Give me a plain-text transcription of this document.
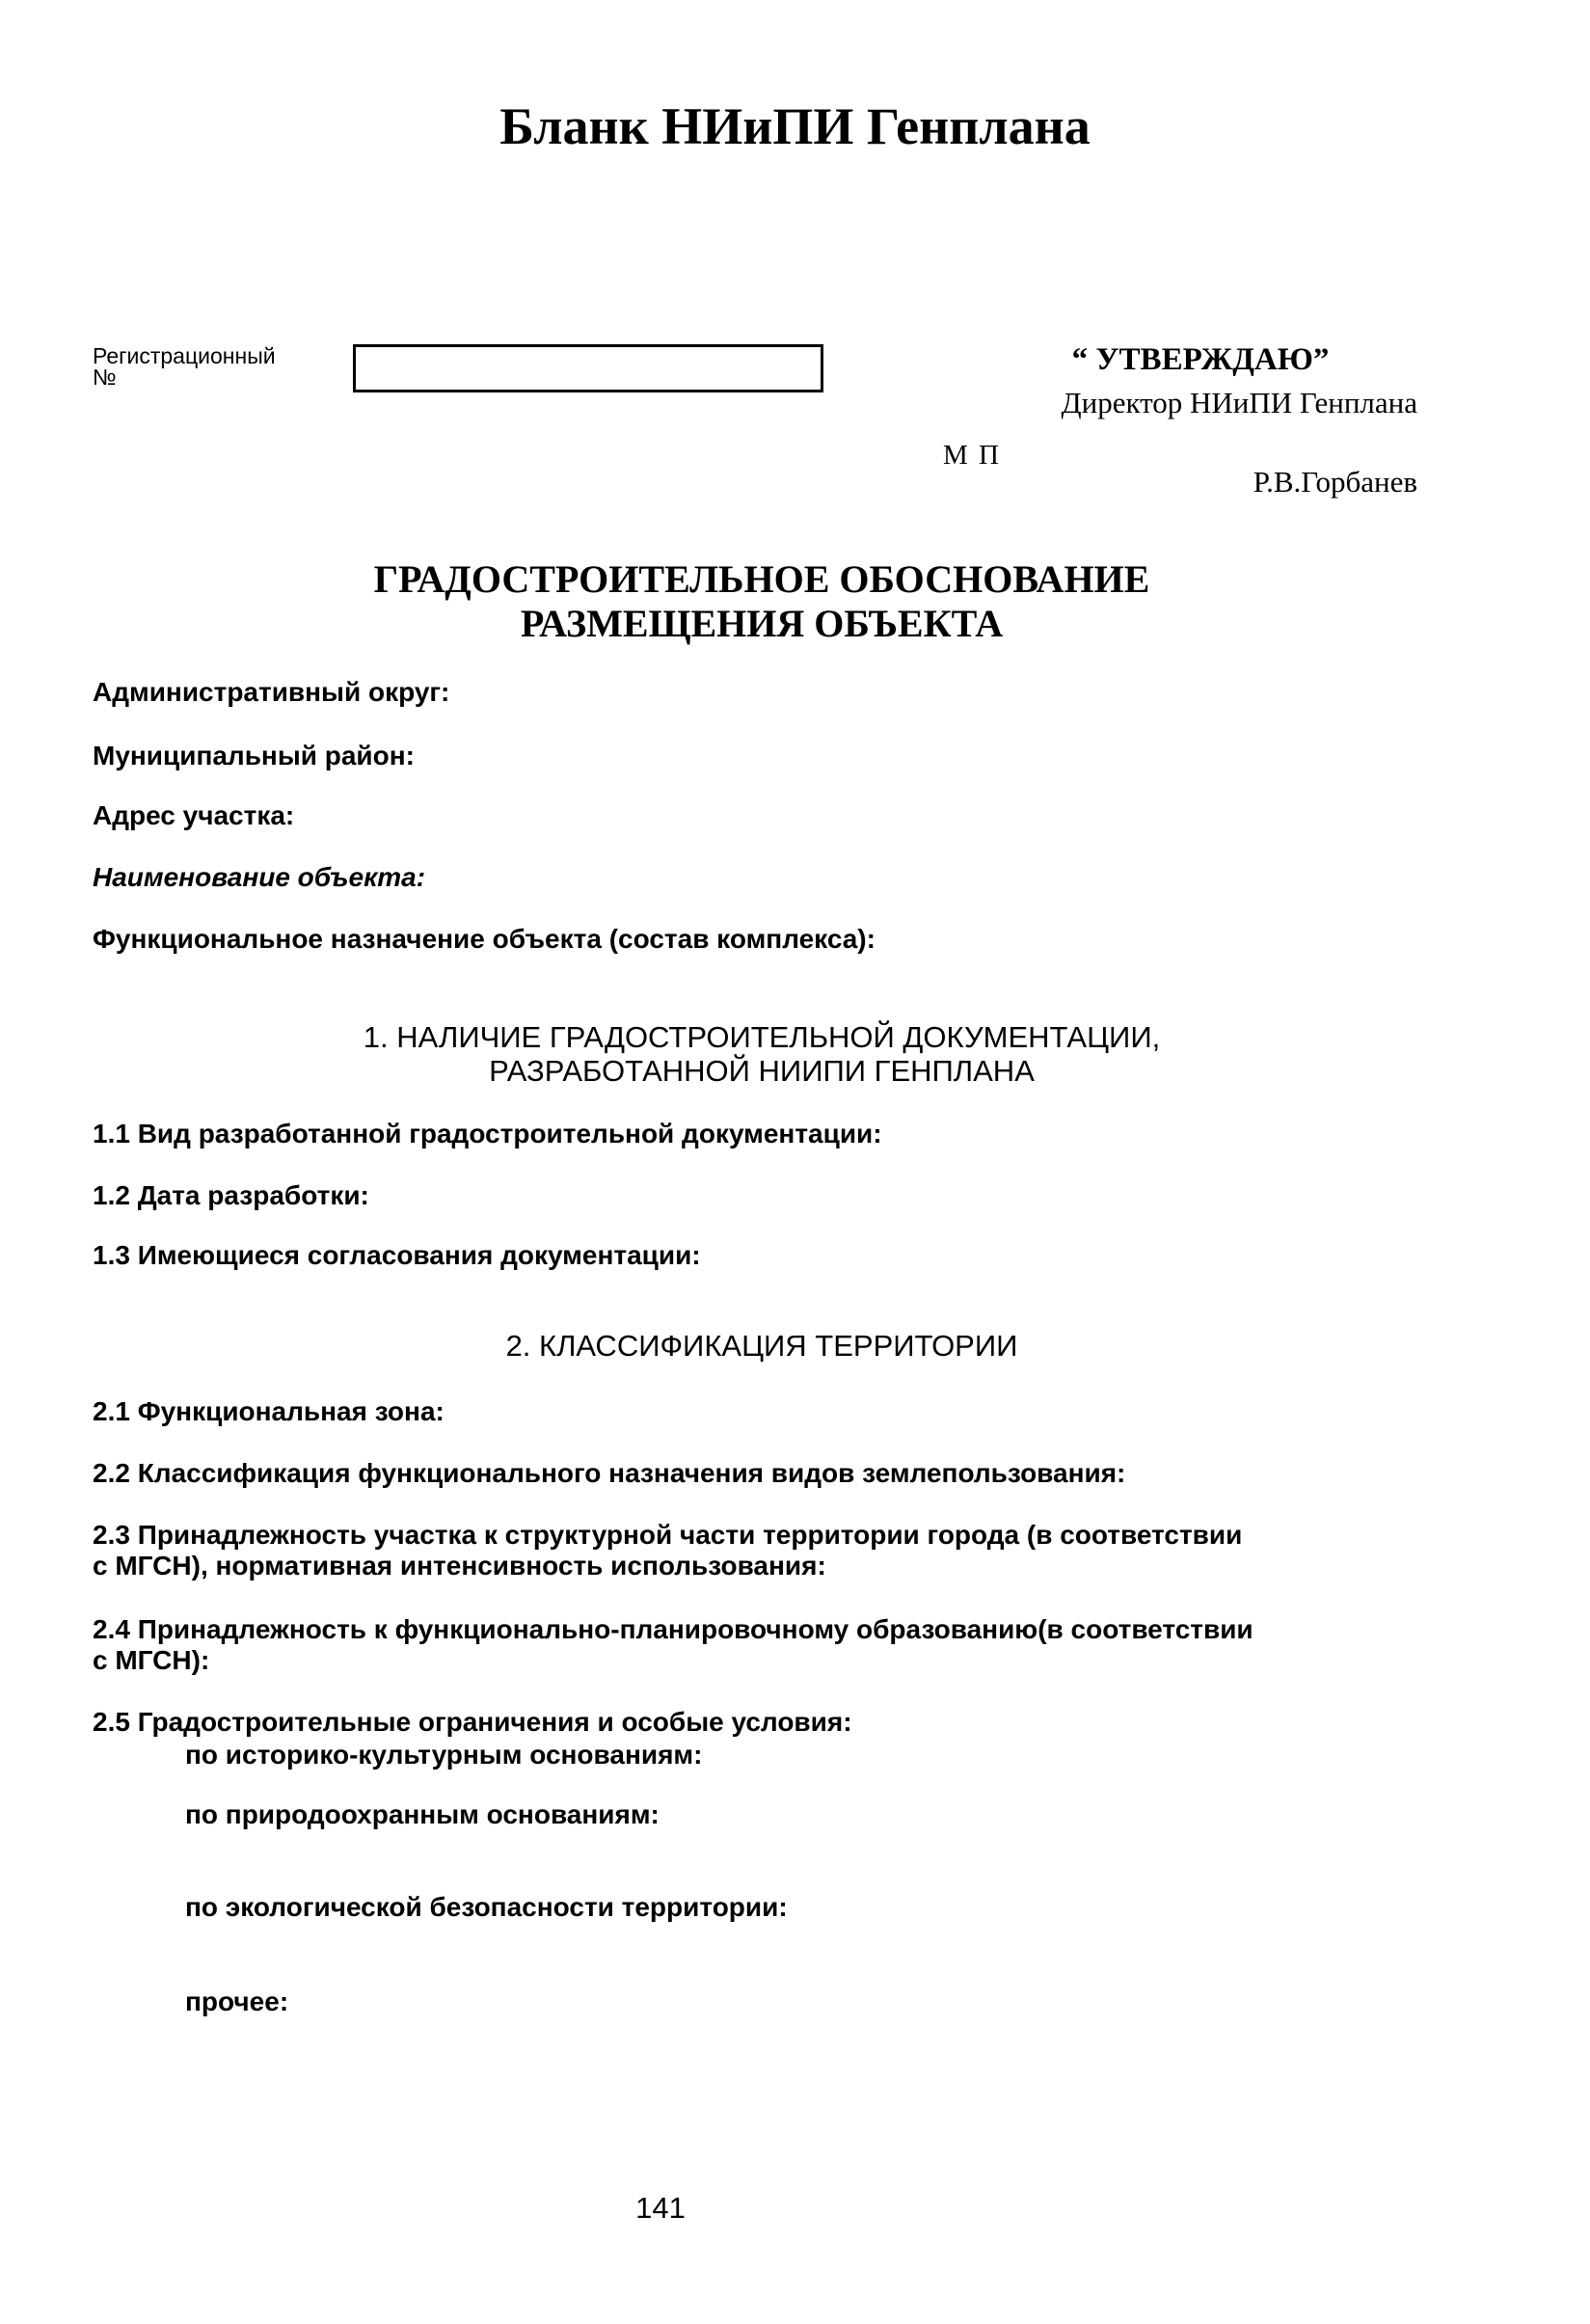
Бланк НИиПИ Генплана
Регистрационный
№	“ УТВЕРЖДАЮ”
Директор НИиПИ Генплана
М П
Р.В.Горбанев
ГРАДОСТРОИТЕЛЬНОЕ ОБОСНОВАНИЕ
РАЗМЕЩЕНИЯ ОБЪЕКТА
Административный округ:
Муниципальный район:
Адрес участка:
Наименование объекта:
Функциональное назначение объекта (состав комплекса):
1. НАЛИЧИЕ ГРАДОСТРОИТЕЛЬНОЙ ДОКУМЕНТАЦИИ,
РАЗРАБОТАННОЙ НИИПИ ГЕНПЛАНА
1.1 Вид разработанной градостроительной документации:
1.2 Дата разработки:
1.3 Имеющиеся согласования документации:
2. КЛАССИФИКАЦИЯ ТЕРРИТОРИИ
2.1 Функциональная зона:
2.2 Классификация функционального назначения видов землепользования:
2.3 Принадлежность участка к структурной части территории города (в соответствии
с МГСН), нормативная интенсивность использования:
2.4 Принадлежность к функционально-планировочному образованию(в соответствии
с МГСН):
2.5 Градостроительные ограничения и особые условия:
по историко-культурным основаниям:
по природоохранным основаниям:
по экологической безопасности территории:
прочее:
141
